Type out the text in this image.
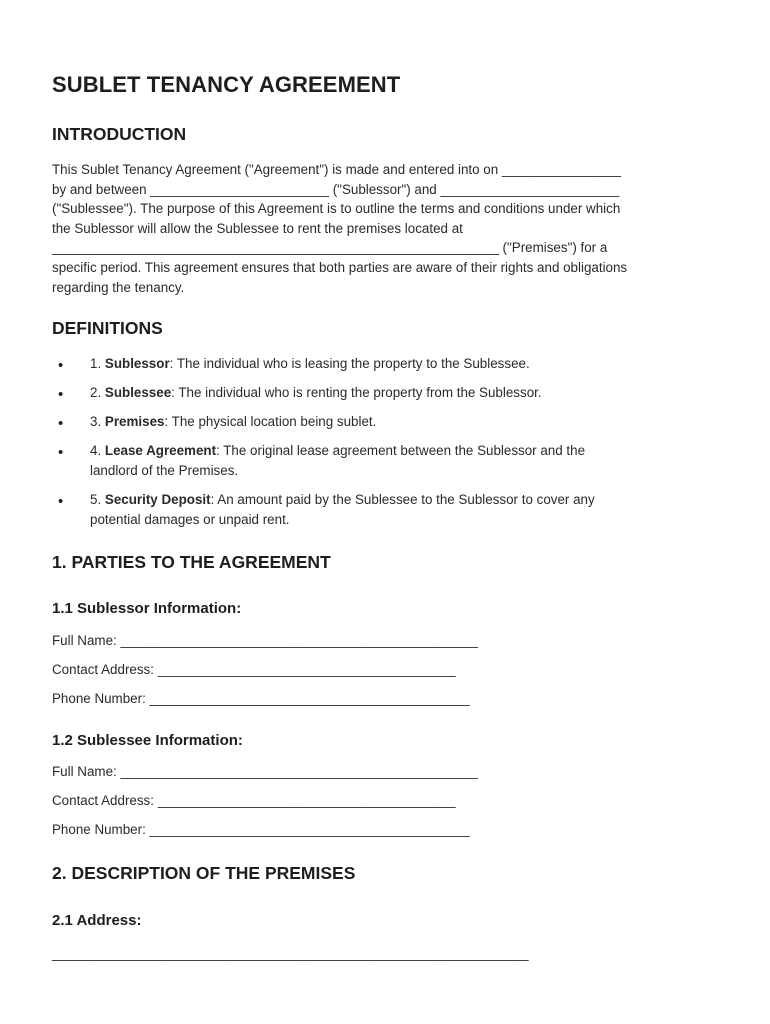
SUBLET TENANCY AGREEMENT
INTRODUCTION
This Sublet Tenancy Agreement ("Agreement") is made and entered into on ________________
by and between ________________________ ("Sublessor") and ________________________
("Sublessee"). The purpose of this Agreement is to outline the terms and conditions under which
the Sublessor will allow the Sublessee to rent the premises located at
____________________________________________________________ ("Premises") for a
specific period. This agreement ensures that both parties are aware of their rights and obligations
regarding the tenancy.
DEFINITIONS
• 1. Sublessor: The individual who is leasing the property to the Sublessee.
• 2. Sublessee: The individual who is renting the property from the Sublessor.
• 3. Premises: The physical location being sublet.
• 4. Lease Agreement: The original lease agreement between the Sublessor and the
landlord of the Premises.
• 5. Security Deposit: An amount paid by the Sublessee to the Sublessor to cover any
potential damages or unpaid rent.
1. PARTIES TO THE AGREEMENT
1.1 Sublessor Information:

Full Name: ________________________________________________

Contact Address: ________________________________________

Phone Number: ___________________________________________

1.2 Sublessee Information:

Full Name: ________________________________________________

Contact Address: ________________________________________

Phone Number: ___________________________________________

2. DESCRIPTION OF THE PREMISES
2.1 Address:

________________________________________________________________
